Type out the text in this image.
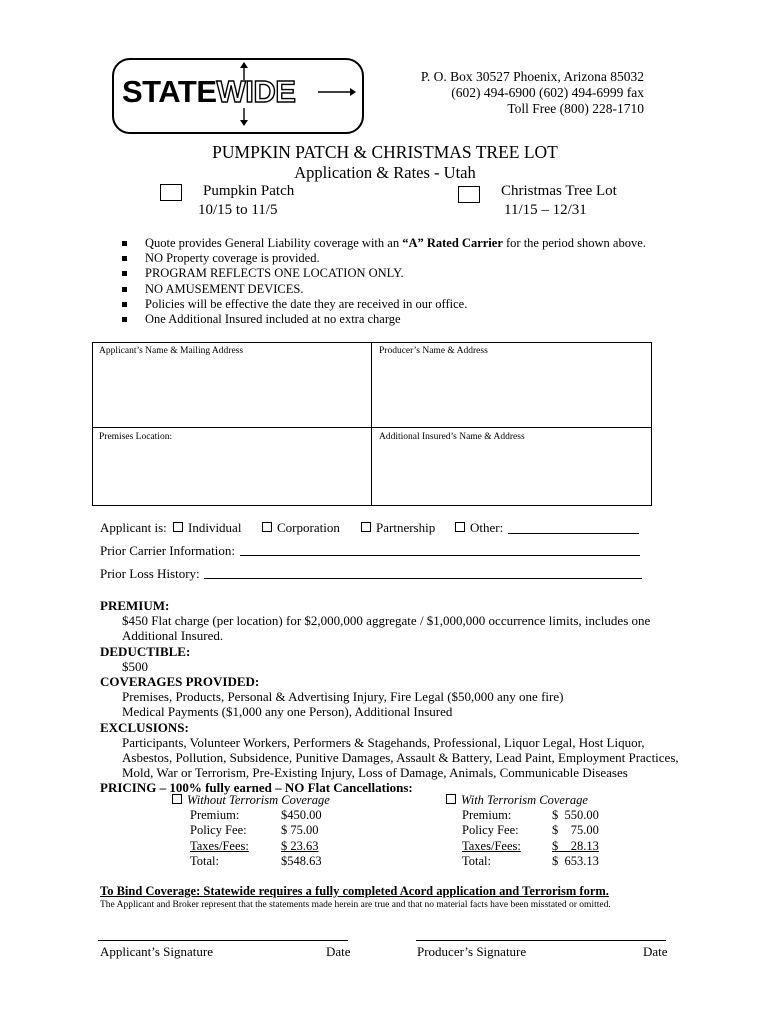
STATEWIDE	P. O. Box 30527 Phoenix, Arizona 85032
(602) 494-6900 (602) 494-6999 fax
Toll Free (800) 228-1710
PUMPKIN PATCH & CHRISTMAS TREE LOT
Application & Rates - Utah
Pumpkin Patch
10/15 to 11/5
Christmas Tree Lot
11/15 – 12/31
Quote provides General Liability coverage with an “A” Rated Carrier for the period shown above.
NO Property coverage is provided.
PROGRAM REFLECTS ONE LOCATION ONLY.
NO AMUSEMENT DEVICES.
Policies will be effective the date they are received in our office.
One Additional Insured included at no extra charge
Applicant’s Name & Mailing Address	Producer’s Name & Address
Premises Location:	Additional Insured’s Name & Address
Applicant is:	Individual	Corporation	Partnership	Other:
Prior Carrier Information:
Prior Loss History:
PREMIUM:
$450 Flat charge (per location) for $2,000,000 aggregate / $1,000,000 occurrence limits, includes one
Additional Insured.
DEDUCTIBLE:
$500
COVERAGES PROVIDED:
Premises, Products, Personal & Advertising Injury, Fire Legal ($50,000 any one fire)
Medical Payments ($1,000 any one Person), Additional Insured
EXCLUSIONS:
Participants, Volunteer Workers, Performers & Stagehands, Professional, Liquor Legal, Host Liquor,
Asbestos, Pollution, Subsidence, Punitive Damages, Assault & Battery, Lead Paint, Employment Practices,
Mold, War or Terrorism, Pre-Existing Injury, Loss of Damage, Animals, Communicable Diseases
PRICING – 100% fully earned – NO Flat Cancellations:
Without Terrorism Coverage
Premium:	$450.00
Policy Fee:	$ 75.00
Taxes/Fees:	$ 23.63
Total:	$548.63
With Terrorism Coverage
Premium:	$  550.00
Policy Fee:	$    75.00
Taxes/Fees:	$    28.13
Total:	$  653.13
To Bind Coverage: Statewide requires a fully completed Acord application and Terrorism form.
The Applicant and Broker represent that the statements made herein are true and that no material facts have been misstated or omitted.
Applicant’s Signature	Date	Producer’s Signature	Date
